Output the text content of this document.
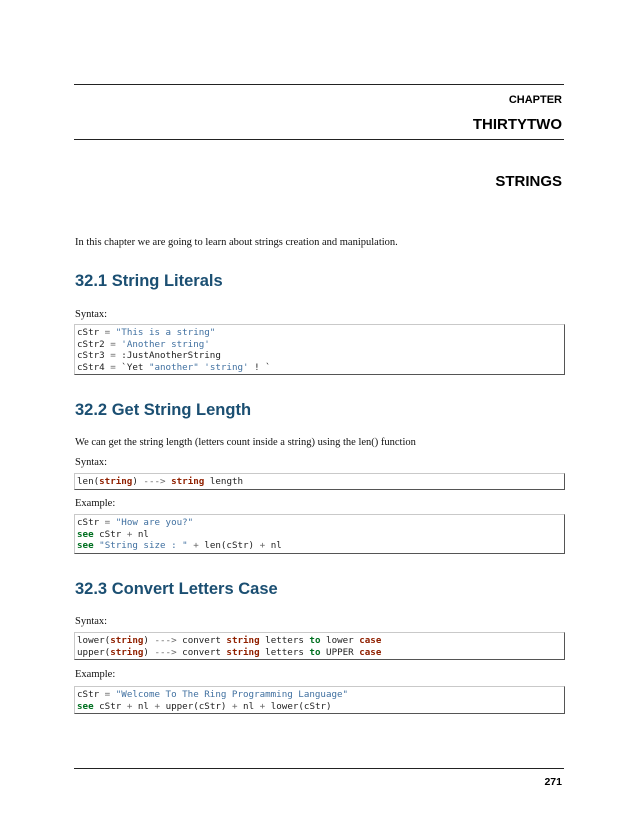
CHAPTER
THIRTYTWO
STRINGS
In this chapter we are going to learn about strings creation and manipulation.
32.1 String Literals
Syntax:
cStr = "This is a string"
cStr2 = 'Another string'
cStr3 = :JustAnotherString
cStr4 = `Yet "another" 'string' ! `
32.2 Get String Length
We can get the string length (letters count inside a string) using the len() function
Syntax:
len(string) ---> string length
Example:
cStr = "How are you?"
see cStr + nl
see "String size : " + len(cStr) + nl
32.3 Convert Letters Case
Syntax:
lower(string) ---> convert string letters to lower case
upper(string) ---> convert string letters to UPPER case
Example:
cStr = "Welcome To The Ring Programming Language"
see cStr + nl + upper(cStr) + nl + lower(cStr)
271
